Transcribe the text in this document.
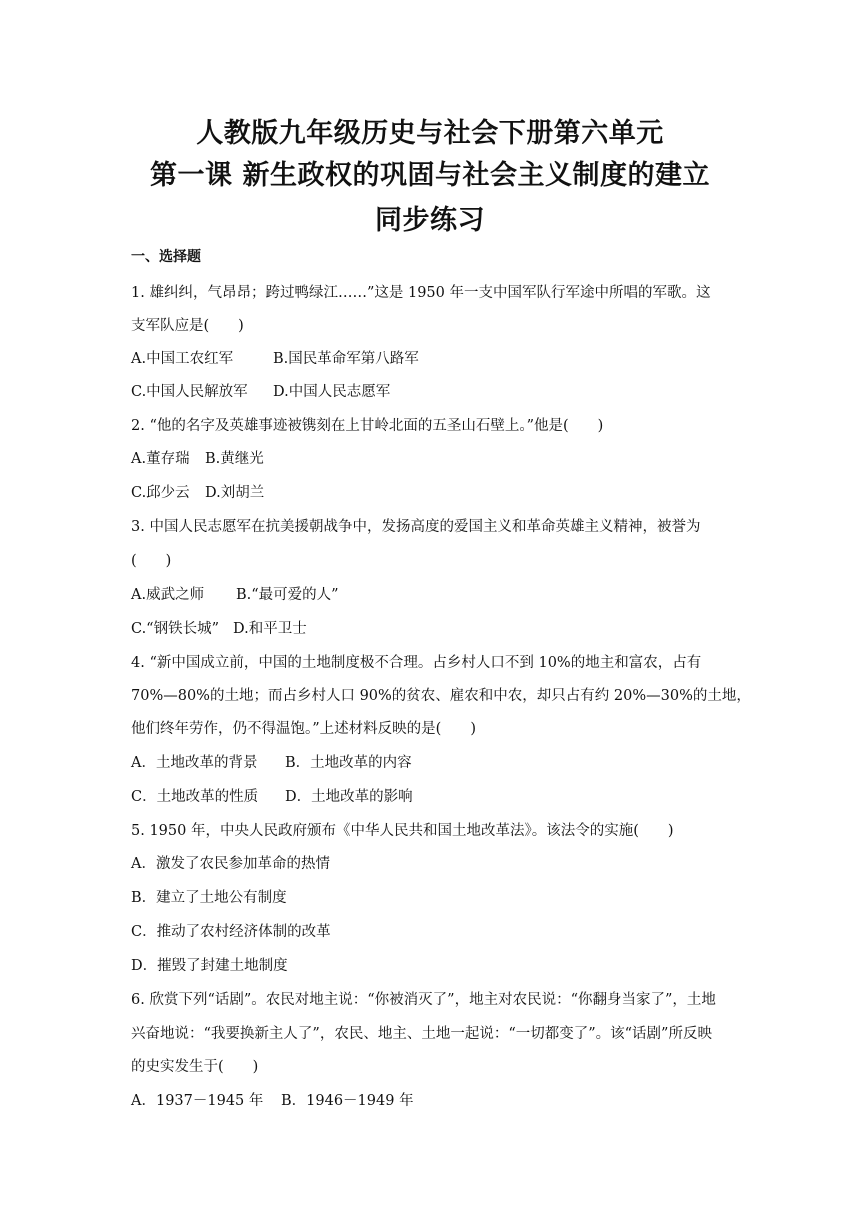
人教版九年级历史与社会下册第六单元
第一课 新生政权的巩固与社会主义制度的建立
同步练习
一、选择题
1. 雄纠纠，气昂昂；跨过鸭绿江……”这是 1950 年一支中国军队行军途中所唱的军歌。这
支军队应是(　　)
A.中国工农红军	B.国民革命军第八路军
C.中国人民解放军 D.中国人民志愿军
2. “他的名字及英雄事迹被镌刻在上甘岭北面的五圣山石壁上。”他是(　　)
A.董存瑞 B.黄继光
C.邱少云 D.刘胡兰
3. 中国人民志愿军在抗美援朝战争中，发扬高度的爱国主义和革命英雄主义精神，被誉为
(　　)
A.威武之师 B.“最可爱的人”
C.“钢铁长城” D.和平卫士
4. “新中国成立前，中国的土地制度极不合理。占乡村人口不到 10%的地主和富农，占有
70%—80%的土地；而占乡村人口 90%的贫农、雇农和中农，却只占有约 20%—30%的土地，
他们终年劳作，仍不得温饱。”上述材料反映的是(　　)
A．土地改革的背景 B．土地改革的内容
C．土地改革的性质 D．土地改革的影响
5. 1950 年，中央人民政府颁布《中华人民共和国土地改革法》。该法令的实施(　　)
A．激发了农民参加革命的热情
B．建立了土地公有制度
C．推动了农村经济体制的改革
D．摧毁了封建土地制度
6. 欣赏下列“话剧”。农民对地主说：“你被消灭了”，地主对农民说：“你翻身当家了”，土地
兴奋地说：“我要换新主人了”，农民、地主、土地一起说：“一切都变了”。该“话剧”所反映
的史实发生于(　　)
A．1937－1945 年 B．1946－1949 年
